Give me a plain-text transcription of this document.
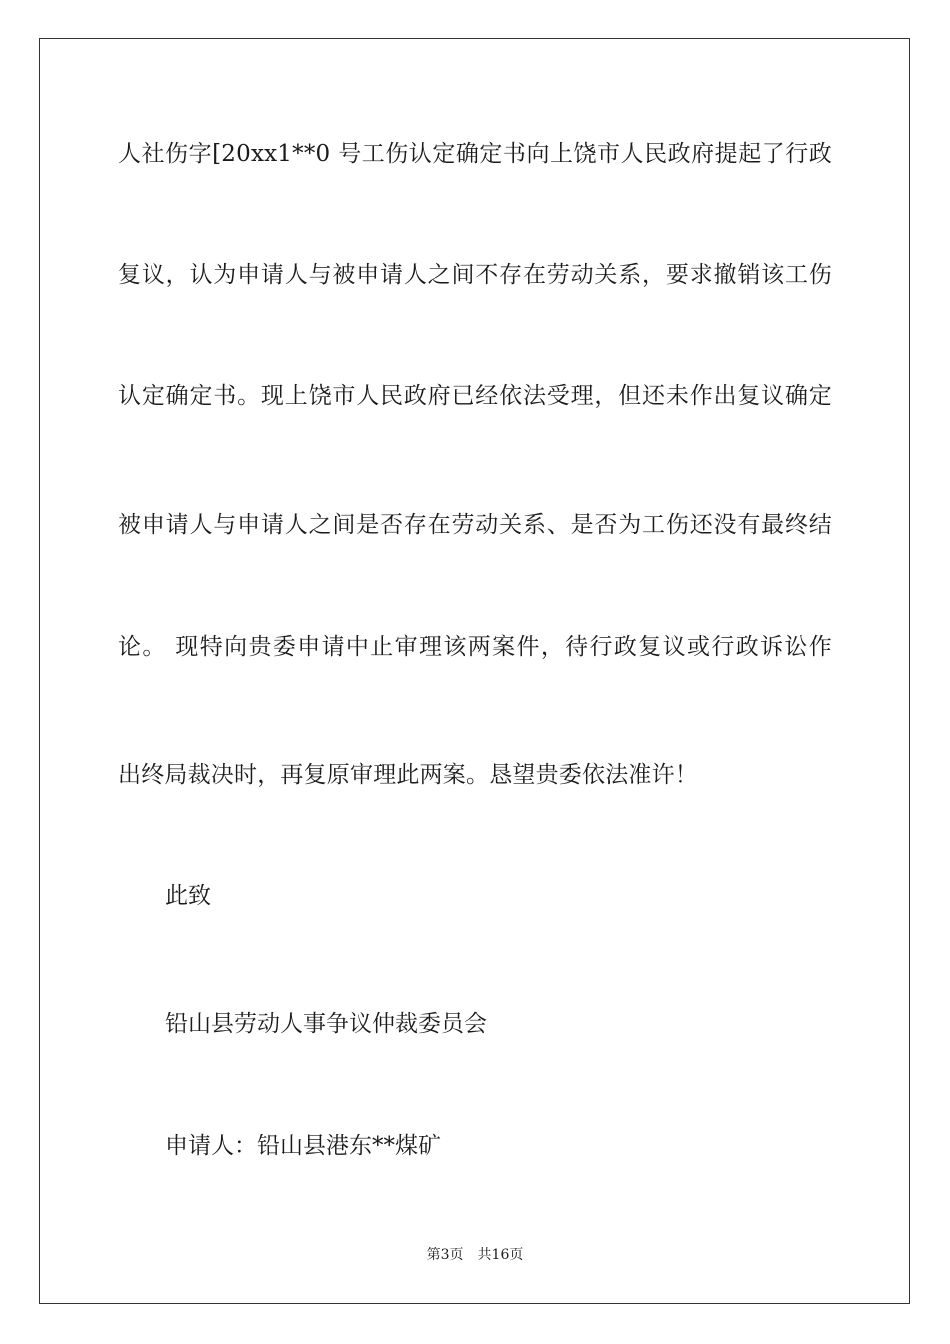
人社伤字[20xx1**0 号工伤认定确定书向上饶市人民政府提起了行政
复议，认为申请人与被申请人之间不存在劳动关系，要求撤销该工伤
认定确定书。现上饶市人民政府已经依法受理，但还未作出复议确定
被申请人与申请人之间是否存在劳动关系、是否为工伤还没有最终结
论。 现特向贵委申请中止审理该两案件，待行政复议或行政诉讼作
出终局裁决时，再复原审理此两案。恳望贵委依法准许！
此致
铅山县劳动人事争议仲裁委员会
申请人：铅山县港东**煤矿
第3页　共16页
